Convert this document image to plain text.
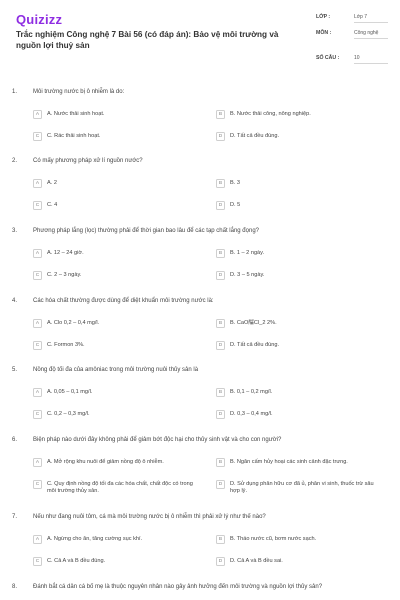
Quizizz
Trắc nghiệm Công nghệ 7 Bài 56 (có đáp án): Bảo vệ môi trường và nguồn lợi thuỷ sản
LỚP :	Lớp 7
MÔN :	Công nghệ
SỐ CÂU :	10
1.	Môi trường nước bị ô nhiễm là do:
A	A. Nước thải sinh hoạt.	B	B. Nước thải công, nông nghiệp.
C	C. Rác thải sinh hoạt.	D	D. Tất cả đều đúng.
2.	Có mấy phương pháp xử lí nguồn nước?
A	A. 2	B	B. 3
C	C. 4	D	D. 5
3.	Phương pháp lắng (lọc) thường phải để thời gian bao lâu để các tạp chất lắng đọng?
A	A. 12 – 24 giờ.	B	B. 1 – 2 ngày.
C	C. 2 – 3 ngày.	D	D. 3 – 5 ngày.
4.	Các hóa chất thường được dùng để diệt khuẩn môi trường nước là:
A	A. Clo 0,2 – 0,4 mg/l.	B	B. CaO醽Cl_2 2%.
C	C. Formon 3%.	D	D. Tất cả đều đúng.
5.	Nồng độ tối đa của amôniac trong môi trường nuôi thủy sản là
A	A. 0,05 – 0,1 mg/l.	B	B. 0,1 – 0,2 mg/l.
C	C. 0,2 – 0,3 mg/l.	D	D. 0,3 – 0,4 mg/l.
6.	Biện pháp nào dưới đây không phải để giảm bớt độc hại cho thủy sinh vật và cho con người?
A	A. Mở rộng khu nuôi để giảm nồng độ ô nhiễm.	B	B. Ngăn cấm hủy hoại các sinh cảnh đặc trưng.
C	C. Quy định nồng độ tối đa các hóa chất, chất độc có trong môi trường thủy sản.
D	D. Sử dụng phân hữu cơ đã ủ, phân vi sinh, thuốc trừ sâu hợp lý.
7.	Nếu như đang nuôi tôm, cá mà môi trường nước bị ô nhiễm thì phải xử lý như thế nào?
A	A. Ngừng cho ăn, tăng cường sục khí.	B	B. Tháo nước cũ, bơm nước sạch.
C	C. Cả A và B đều đúng.	D	D. Cả A và B đều sai.
8.	Đánh bắt cá dân cá bố mẹ là thuộc nguyên nhân nào gây ảnh hưởng đến môi trường và nguồn lợi thủy sản?
